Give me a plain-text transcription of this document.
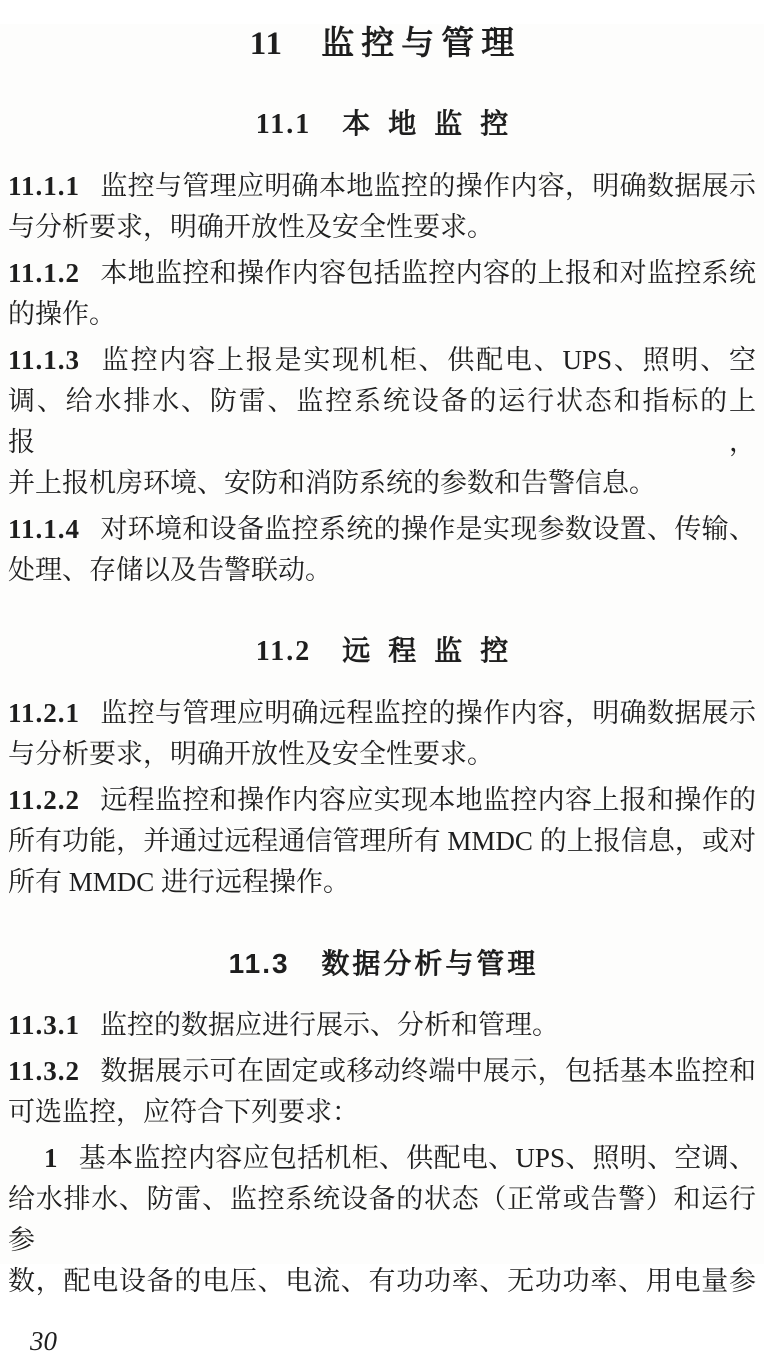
11 监控与管理
11.1 本地监控

11.1.1 监控与管理应明确本地监控的操作内容，明确数据展示
与分析要求，明确开放性及安全性要求。

11.1.2 本地监控和操作内容包括监控内容的上报和对监控系统
的操作。

11.1.3 监控内容上报是实现机柜、供配电、UPS、照明、空
调、给水排水、防雷、监控系统设备的运行状态和指标的上报，
并上报机房环境、安防和消防系统的参数和告警信息。

11.1.4 对环境和设备监控系统的操作是实现参数设置、传输、
处理、存储以及告警联动。

11.2 远程监控

11.2.1 监控与管理应明确远程监控的操作内容，明确数据展示
与分析要求，明确开放性及安全性要求。

11.2.2 远程监控和操作内容应实现本地监控内容上报和操作的
所有功能，并通过远程通信管理所有 MMDC 的上报信息，或对
所有 MMDC 进行远程操作。

11.3 数据分析与管理

11.3.1 监控的数据应进行展示、分析和管理。

11.3.2 数据展示可在固定或移动终端中展示，包括基本监控和
可选监控，应符合下列要求：

1 基本监控内容应包括机柜、供配电、UPS、照明、空调、
给水排水、防雷、监控系统设备的状态（正常或告警）和运行参
数，配电设备的电压、电流、有功功率、无功功率、用电量参

30
